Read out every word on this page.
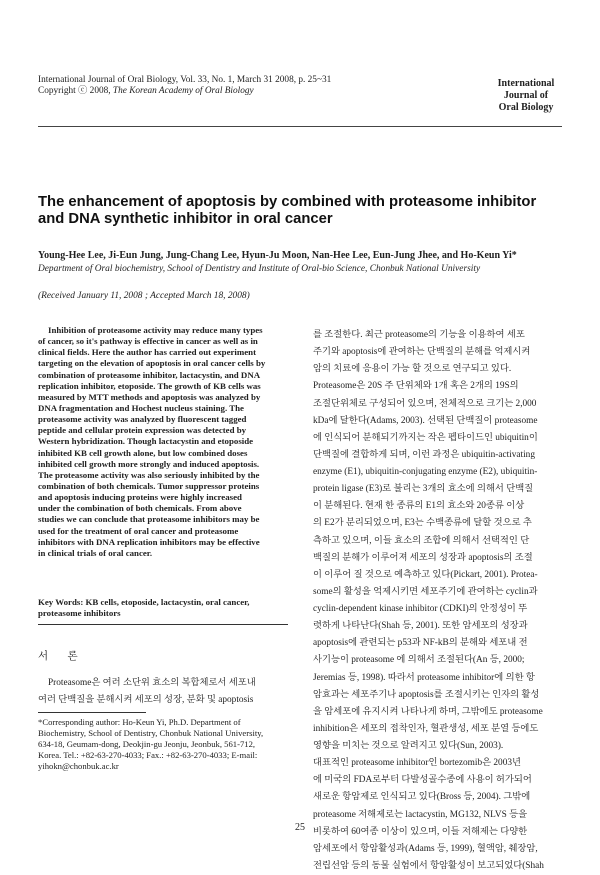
International Journal of Oral Biology, Vol. 33, No. 1, March 31 2008, p. 25~31
Copyright ⓒ 2008, The Korean Academy of Oral Biology
International
Journal of
Oral Biology
The enhancement of apoptosis by combined with proteasome inhibitor
and DNA synthetic inhibitor in oral cancer
Young-Hee Lee, Ji-Eun Jung, Jung-Chang Lee, Hyun-Ju Moon, Nan-Hee Lee, Eun-Jung Jhee, and Ho-Keun Yi*
Department of Oral biochemistry, School of Dentistry and Institute of Oral-bio Science, Chonbuk National University
(Received January 11, 2008 ; Accepted March 18, 2008)
Inhibition of proteasome activity may reduce many types
of cancer, so it's pathway is effective in cancer as well as in
clinical fields. Here the author has carried out experiment
targeting on the elevation of apoptosis in oral cancer cells by
combination of proteasome inhibitor, lactacystin, and DNA
replication inhibitor, etoposide. The growth of KB cells was
measured by MTT methods and apoptosis was analyzed by
DNA fragmentation and Hochest nucleus staining. The
proteasome activity was analyzed by fluorescent tagged
peptide and cellular protein expression was detected by
Western hybridization. Though lactacystin and etoposide
inhibited KB cell growth alone, but low combined doses
inhibited cell growth more strongly and induced apoptosis.
The proteasome activity was also seriously inhibited by the
combination of both chemicals. Tumor suppressor proteins
and apoptosis inducing proteins were highly increased
under the combination of both chemicals. From above
studies we can conclude that proteasome inhibitors may be
used for the treatment of oral cancer and proteasome
inhibitors with DNA replication inhibitors may be effective
in clinical trials of oral cancer.
Key Words: KB cells, etoposide, lactacystin, oral cancer,
proteasome inhibitors
서 론
Proteasome은 여러 소단위 효소의 복합체로서 세포내
여러 단백질을 분해시켜 세포의 성장, 분화 및 apoptosis
*Corresponding author: Ho-Keun Yi, Ph.D. Department of
Biochemistry, School of Dentistry, Chonbuk National University,
634-18, Geumam-dong, Deokjin-gu Jeonju, Jeonbuk, 561-712,
Korea. Tel.: +82-63-270-4033; Fax.: +82-63-270-4033; E-mail:
yihokn@chonbuk.ac.kr
를 조절한다. 최근 proteasome의 기능을 이용하여 세포
주기와 apoptosis에 관여하는 단백질의 분해를 억제시켜
암의 치료에 응용이 가능 할 것으로 연구되고 있다.
Proteasome은 20S 주 단위체와 1개 혹은 2개의 19S의
조절단위체로 구성되어 있으며, 전체적으로 크기는 2,000
kDa에 달한다(Adams, 2003). 선택된 단백질이 proteasome
에 인식되어 분해되기까지는 작은 펩타이드인 ubiquitin이
단백질에 결합하게 되며, 이런 과정은 ubiquitin-activating
enzyme (E1), ubiquitin-conjugating enzyme (E2), ubiquitin-
protein ligase (E3)로 불리는 3개의 효소에 의해서 단백질
이 분해된다. 현재 한 종류의 E1의 효소와 20종류 이상
의 E2가 분리되었으며, E3는 수백종류에 달할 것으로 추
측하고 있으며, 이들 효소의 조합에 의해서 선택적인 단
백질의 분해가 이루어져 세포의 성장과 apoptosis의 조절
이 이루어 질 것으로 예측하고 있다(Pickart, 2001). Protea-
some의 활성을 억제시키면 세포주기에 관여하는 cyclin과
cyclin-dependent kinase inhibitor (CDKI)의 안정성이 뚜
렷하게 나타난다(Shah 등, 2001). 또한 암세포의 성장과
apoptosis에 관련되는 p53과 NF-kB의 분해와 세포내 전
사기능이 proteasome 에 의해서 조절된다(An 등, 2000;
Jeremias 등, 1998). 따라서 proteasome inhibitor에 의한 항
암효과는 세포주기나 apoptosis를 조절시키는 인자의 활성
을 암세포에 유지시켜 나타나게 하며, 그밖에도 proteasome
inhibition은 세포의 접착인자, 혈관생성, 세포 분열 등에도
영향을 미치는 것으로 알려지고 있다(Sun, 2003).
대표적인 proteasome inhibitor인 bortezomib은 2003년
에 미국의 FDA로부터 다발성골수종에 사용이 허가되어
새로운 항암제로 인식되고 있다(Bross 등, 2004). 그밖에
proteasome 저해제로는 lactacystin, MG132, NLVS 등을
비롯하여 60여종 이상이 있으며, 이들 저해제는 다양한
암세포에서 항암활성과(Adams 등, 1999), 혈액암, 췌장암,
전립선암 등의 동물 실험에서 항암활성이 보고되었다(Shah
25
